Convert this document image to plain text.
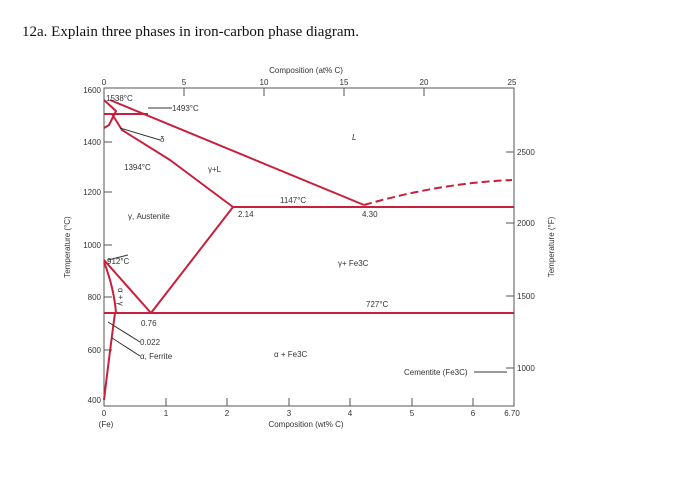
12a. Explain three phases in iron-carbon phase diagram.
0	5	10	15	20	25
Composition (at% C)
1600
1400
1200
1000
800
600
400
Temperature (°C)
2500
2000
1500
1000
Temperature (°F)
0	1	2	3	4	5	6	6.70
(Fe)	Composition (wt% C)
1538°C
1493°C
δ
1394°C
L
γ+L
1147°C
2.14	4.30
γ, Austenite
912°C	γ+ Fe3C
727°C
α + γ
0.76
0.022
α, Ferrite	α + Fe3C
Cementite (Fe3C)
